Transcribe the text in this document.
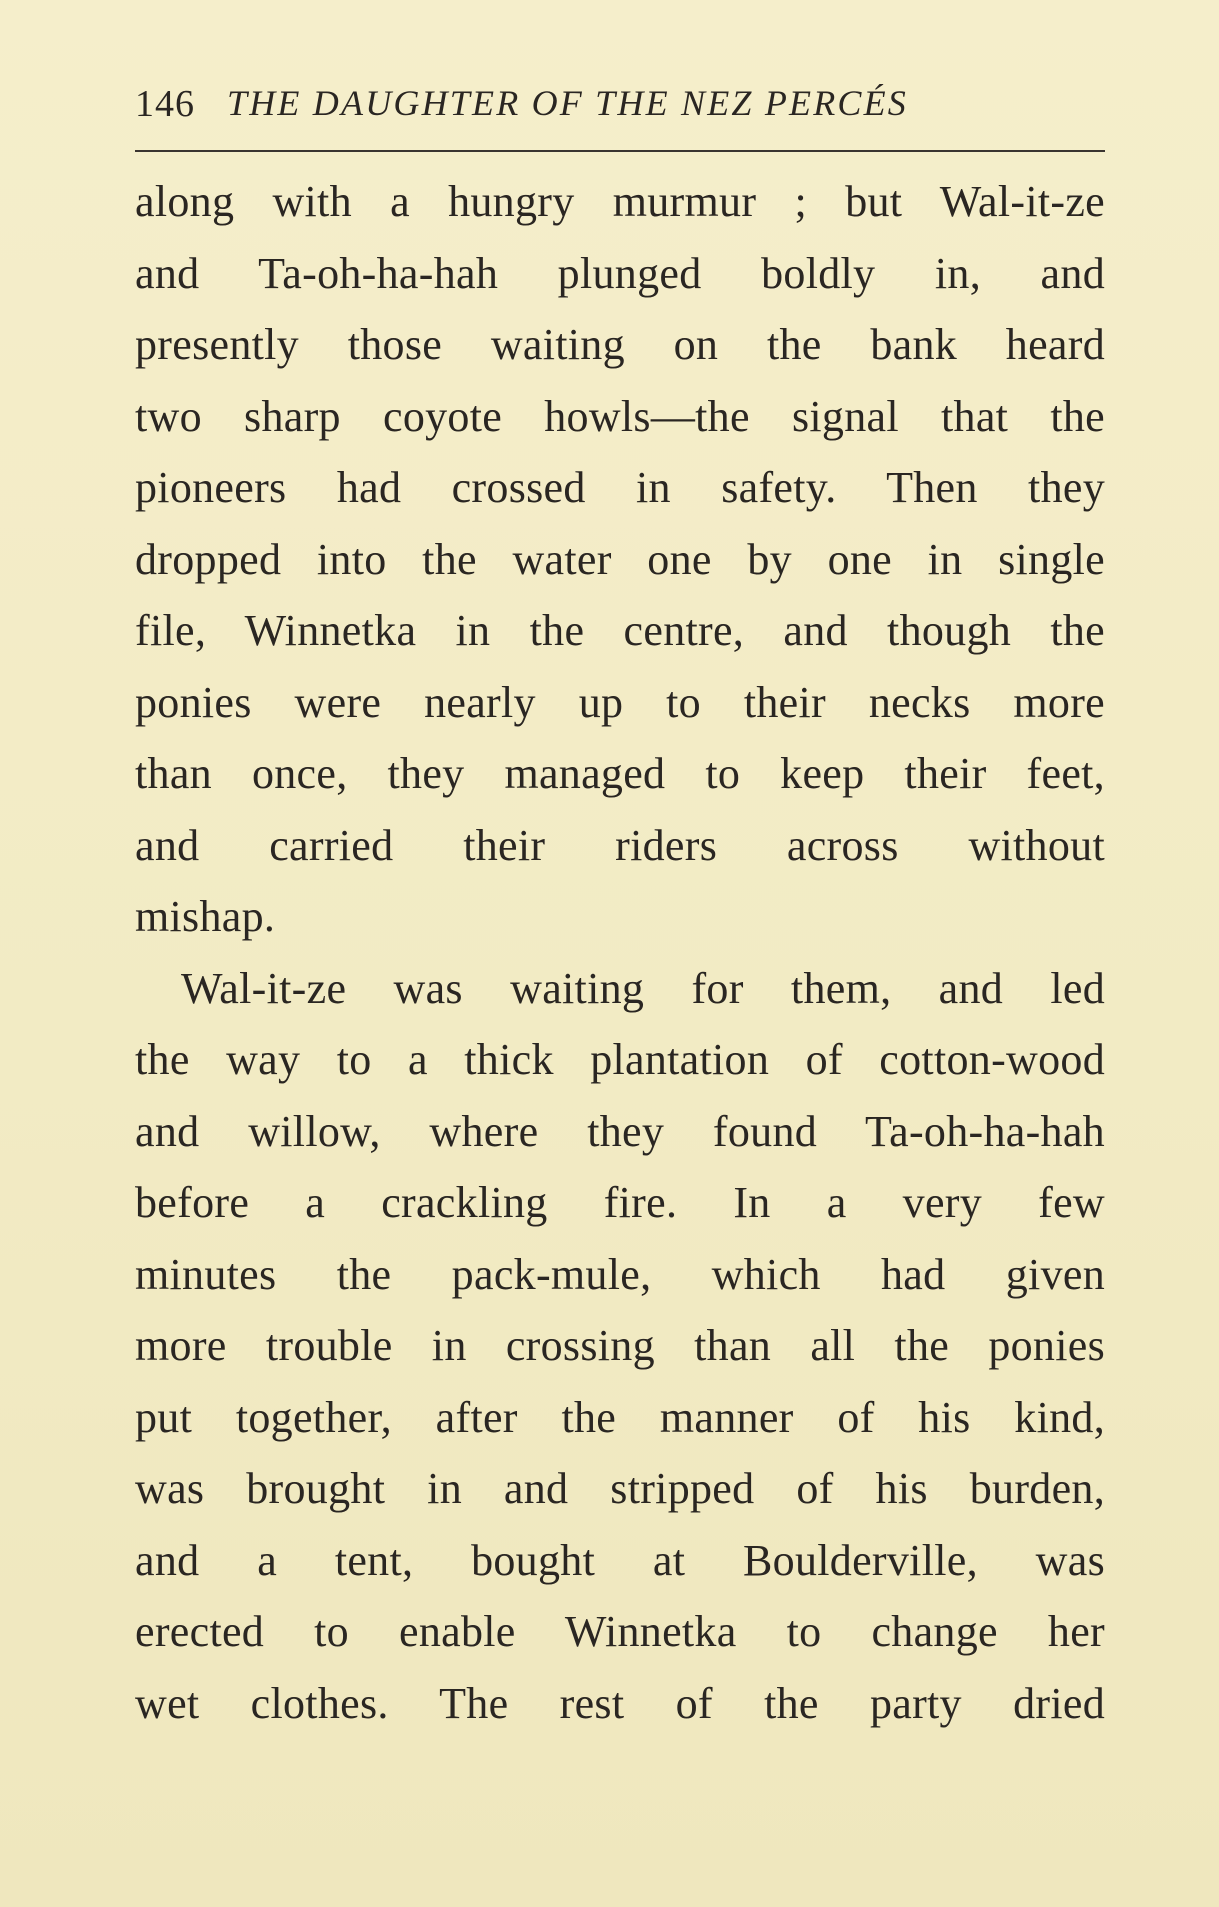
146 THE DAUGHTER OF THE NEZ PERCÉS
along with a hungry murmur ; but Wal-it-ze
and Ta-oh-ha-hah plunged boldly in, and
presently those waiting on the bank heard
two sharp coyote howls—the signal that the
pioneers had crossed in safety. Then they
dropped into the water one by one in single
file, Winnetka in the centre, and though the
ponies were nearly up to their necks more
than once, they managed to keep their feet,
and carried their riders across without
mishap.
Wal-it-ze was waiting for them, and led
the way to a thick plantation of cotton-wood
and willow, where they found Ta-oh-ha-hah
before a crackling fire. In a very few
minutes the pack-mule, which had given
more trouble in crossing than all the ponies
put together, after the manner of his kind,
was brought in and stripped of his burden,
and a tent, bought at Boulderville, was
erected to enable Winnetka to change her
wet clothes. The rest of the party dried
